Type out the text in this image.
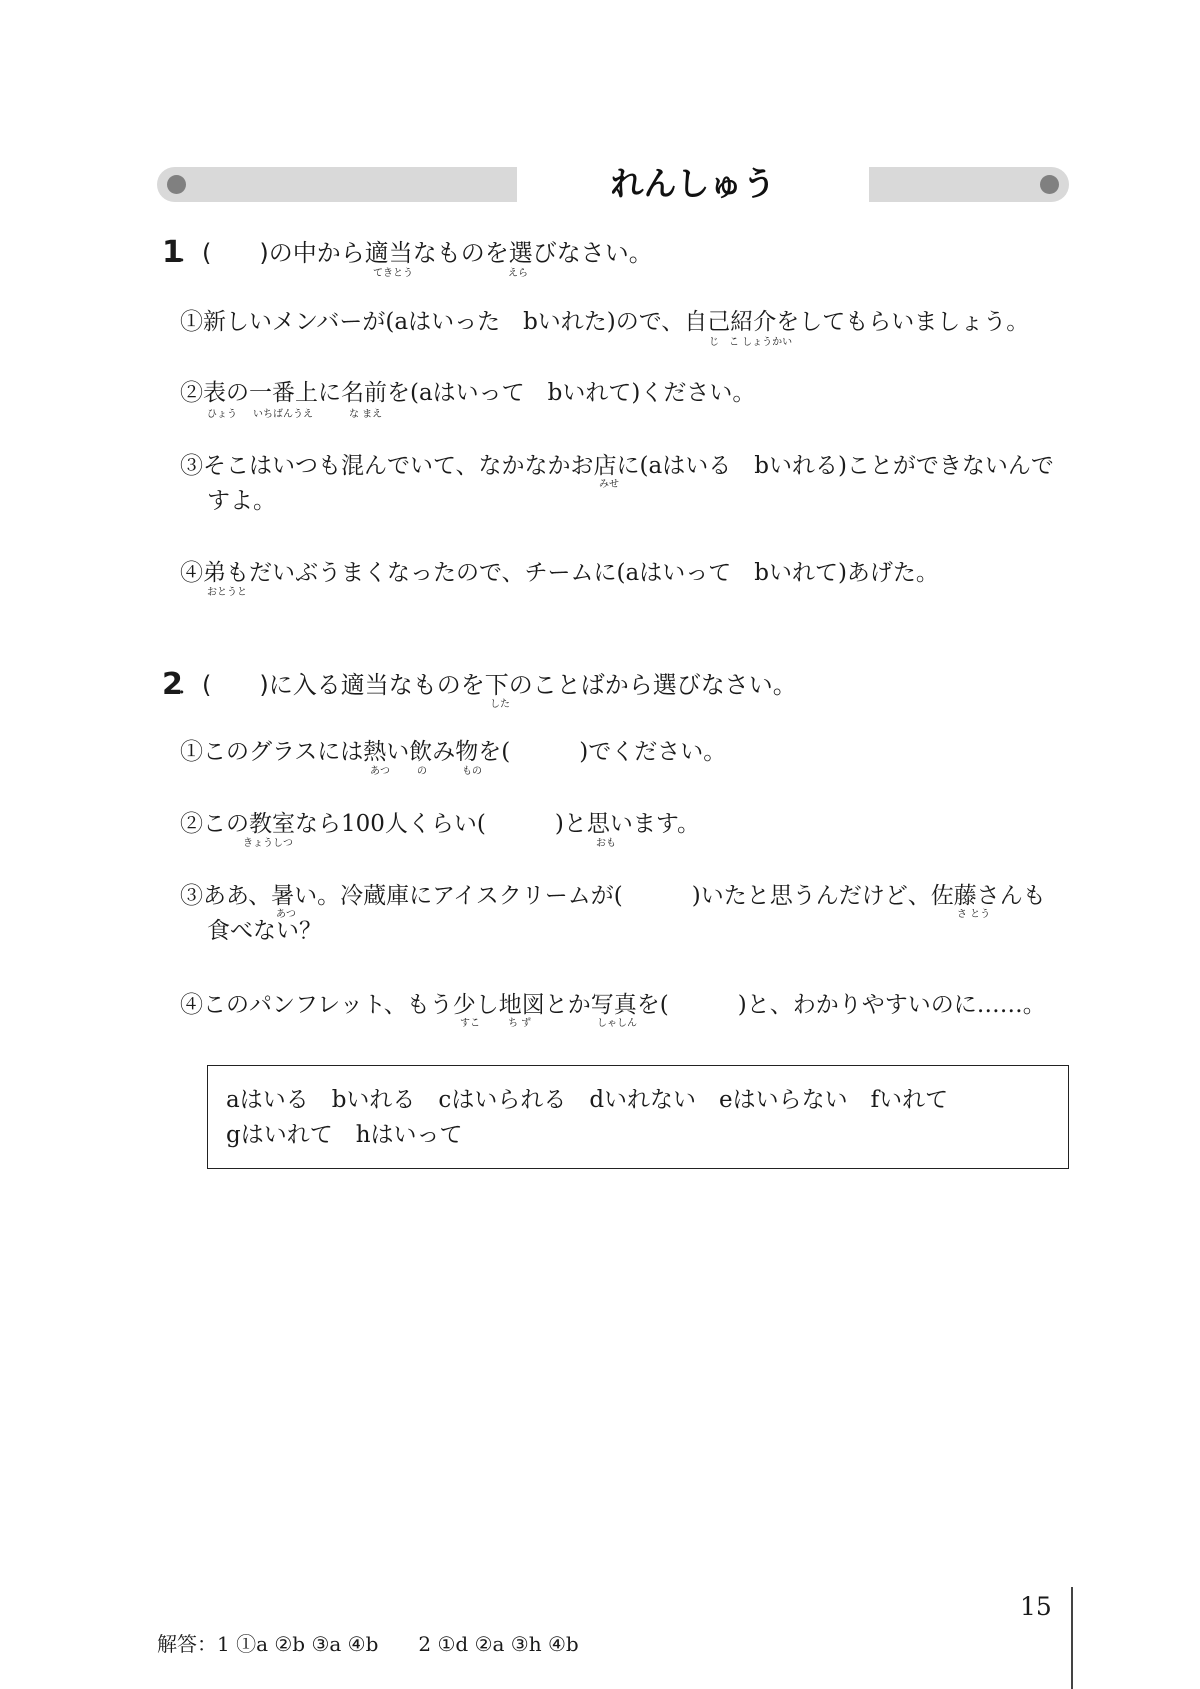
れんしゅう
1
．(　　)の中から適当なものを選びなさい。
てきとう	えら
①新しいメンバーが(aはいった　bいれた)ので、自己紹介をしてもらいましょう。
じ　こ しょうかい
②表の一番上に名前を(aはいって　bいれて)ください。
ひょう いちばんうえ	な まえ
③そこはいつも混んでいて、なかなかお店に(aはいる　bいれる)ことができないんで
みせ
すよ。
④弟もだいぶうまくなったので、チームに(aはいって　bいれて)あげた。
おとうと
2
．(　　)に入る適当なものを下のことばから選びなさい。
した
①このグラスには熱い飲み物を(　　　)でください。
あつ	の	もの
②この教室なら100人くらい(　　　)と思います。
きょうしつ	おも
③ああ、暑い。冷蔵庫にアイスクリームが(　　　)いたと思うんだけど、佐藤さんも
あつ	さ とう
食べない？
④このパンフレット、もう少し地図とか写真を(　　　)と、わかりやすいのに……。
すこ	ち ず	しゃしん
aはいる　bいれる　cはいられる　dいれない　eはいらない　fいれて
gはいれて　hはいって
15
解答：1 ①a ②b ③a ④b　　2 ①d ②a ③h ④b
